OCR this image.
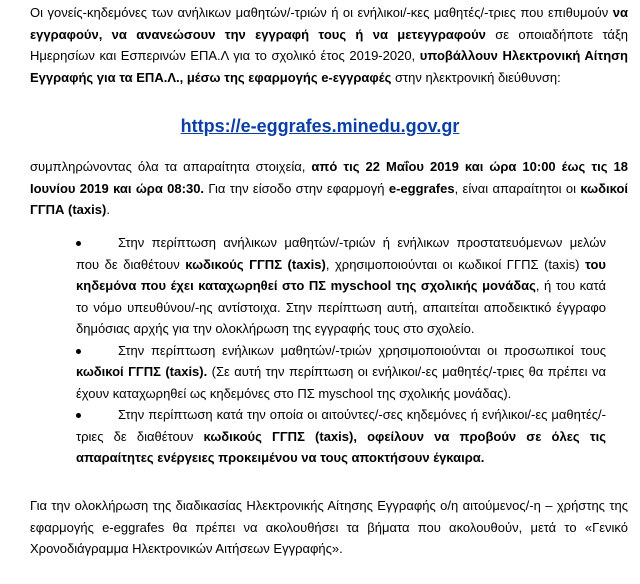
Οι γονείς-κηδεμόνες των ανήλικων μαθητών/-τριών ή οι ενήλικοι/-κες μαθητές/-τριες που επιθυμούν να εγγραφούν, να ανανεώσουν την εγγραφή τους ή να μετεγγραφούν σε οποιαδήποτε τάξη Ημερησίων και Εσπερινών ΕΠΑ.Λ για το σχολικό έτος 2019-2020, υποβάλλουν Ηλεκτρονική Αίτηση Εγγραφής για τα ΕΠΑ.Λ., μέσω της εφαρμογής e-εγγραφές στην ηλεκτρονική διεύθυνση:

https://e-eggrafes.minedu.gov.gr

συμπληρώνοντας όλα τα απαραίτητα στοιχεία, από τις 22 Μαΐου 2019 και ώρα 10:00 έως τις 18 Ιουνίου 2019 και ώρα 08:30. Για την είσοδο στην εφαρμογή e-eggrafes, είναι απαραίτητοι οι κωδικοί ΓΓΠΑ (taxis).

Στην περίπτωση ανήλικων μαθητών/-τριών ή ενήλικων προστατευόμενων μελών που δε διαθέτουν κωδικούς ΓΓΠΣ (taxis), χρησιμοποιούνται οι κωδικοί ΓΓΠΣ (taxis) του κηδεμόνα που έχει καταχωρηθεί στο ΠΣ myschool της σχολικής μονάδας, ή του κατά το νόμο υπευθύνου/-ης αντίστοιχα. Στην περίπτωση αυτή, απαιτείται αποδεικτικό έγγραφο δημόσιας αρχής για την ολοκλήρωση της εγγραφής τους στο σχολείο.
Στην περίπτωση ενήλικων μαθητών/-τριών χρησιμοποιούνται οι προσωπικοί τους κωδικοί ΓΓΠΣ (taxis). (Σε αυτή την περίπτωση οι ενήλικοι/-ες μαθητές/-τριες θα πρέπει να έχουν καταχωρηθεί ως κηδεμόνες στο ΠΣ myschool της σχολικής μονάδας).
Στην περίπτωση κατά την οποία οι αιτούντες/-σες κηδεμόνες ή ενήλικοι/-ες μαθητές/-τριες δε διαθέτουν κωδικούς ΓΓΠΣ (taxis), οφείλουν να προβούν σε όλες τις απαραίτητες ενέργειες προκειμένου να τους αποκτήσουν έγκαιρα.

Για την ολοκλήρωση της διαδικασίας Ηλεκτρονικής Αίτησης Εγγραφής ο/η αιτούμενος/-η – χρήστης της εφαρμογής e-eggrafes θα πρέπει να ακολουθήσει τα βήματα που ακολουθούν, μετά το «Γενικό Χρονοδιάγραμμα Ηλεκτρονικών Αιτήσεων Εγγραφής».
